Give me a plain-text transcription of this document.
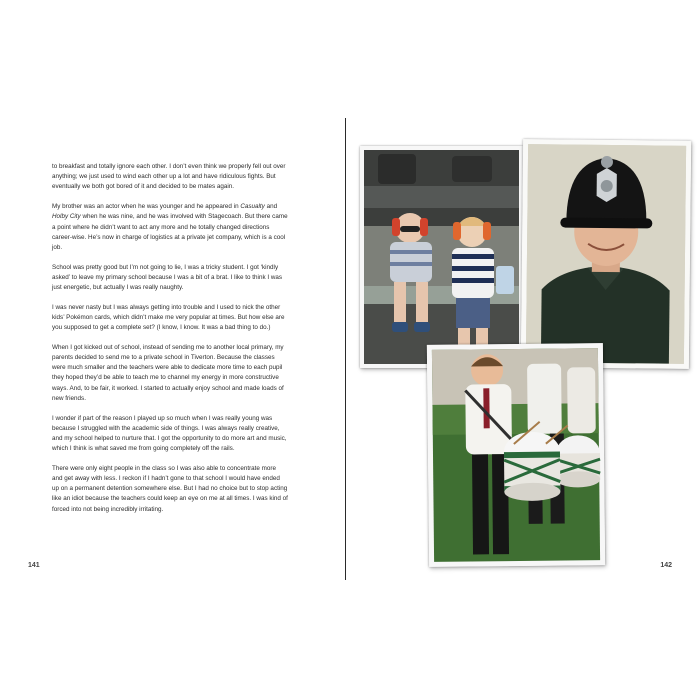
to breakfast and totally ignore each other. I don’t even think we properly fell out over anything; we just used to wind each other up a lot and have ridiculous fights. But eventually we both got bored of it and decided to be mates again.

My brother was an actor when he was younger and he appeared in Casualty and Holby City when he was nine, and he was involved with Stagecoach. But there came a point where he didn’t want to act any more and he totally changed directions career-wise. He’s now in charge of logistics at a private jet company, which is a cool job.

School was pretty good but I’m not going to lie, I was a tricky student. I got ‘kindly asked’ to leave my primary school because I was a bit of a brat. I like to think I was just energetic, but actually I was really naughty.

I was never nasty but I was always getting into trouble and I used to nick the other kids’ Pokémon cards, which didn’t make me very popular at times. But how else are you supposed to get a complete set? (I know, I know. It was a bad thing to do.)

When I got kicked out of school, instead of sending me to another local primary, my parents decided to send me to a private school in Tiverton. Because the classes were much smaller and the teachers were able to dedicate more time to each pupil they hoped they’d be able to teach me to channel my energy in more constructive ways. And, to be fair, it worked. I started to actually enjoy school and made loads of new friends.

I wonder if part of the reason I played up so much when I was really young was because I struggled with the academic side of things. I was always really creative, and my school helped to nurture that. I got the opportunity to do more art and music, which I think is what saved me from going completely off the rails.

There were only eight people in the class so I was also able to concentrate more and get away with less. I reckon if I hadn’t gone to that school I would have ended up on a permanent detention somewhere else. But I had no choice but to stop acting like an idiot because the teachers could keep an eye on me at all times. I was kind of forced into not being incredibly irritating.

141	142
